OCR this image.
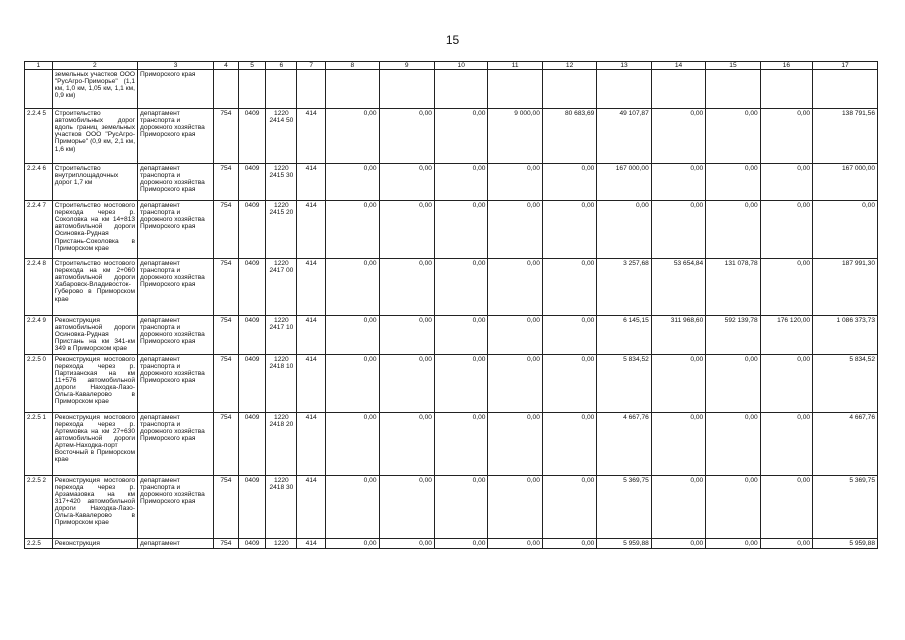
15
1	2	3	4	5	6	7	8	9	10	11	12	13	14	15	16	17
	земельных участков ООО "РусАгро-Приморье" (1,1 км, 1,0 км, 1,05 км, 1,1 км, 0,9 км)	Приморского края														
2.2.4 5	Строительство автомобильных дорог вдоль границ земельных участков ООО "РусАгро-Приморье" (0,9 км, 2,1 км, 1,6 км)	департамент транспорта и дорожного хозяйства Приморского края	754	0409	1220 2414 50	414	0,00	0,00	0,00	9 000,00	80 683,69	49 107,87	0,00	0,00	0,00	138 791,56
2.2.4 6	Строительство внутриплощадочных дорог 1,7 км	департамент транспорта и дорожного хозяйства Приморского края	754	0409	1220 2415 30	414	0,00	0,00	0,00	0,00	0,00	167 000,00	0,00	0,00	0,00	167 000,00
2.2.4 7	Строительство мостового перехода через р. Соколовка на км 14+813 автомобильной дороги Осиновка-Рудная Пристань-Соколовка в Приморском крае	департамент транспорта и дорожного хозяйства Приморского края	754	0409	1220 2415 20	414	0,00	0,00	0,00	0,00	0,00	0,00	0,00	0,00	0,00	0,00
2.2.4 8	Строительство мостового перехода на км 2+060 автомобильной дороги Хабаровск-Владивосток-Губерово в Приморском крае	департамент транспорта и дорожного хозяйства Приморского края	754	0409	1220 2417 00	414	0,00	0,00	0,00	0,00	0,00	3 257,68	53 654,84	131 078,78	0,00	187 991,30
2.2.4 9	Реконструкция автомобильной дороги Осиновка-Рудная Пристань на км 341-км 349 в Приморском крае	департамент транспорта и дорожного хозяйства Приморского края	754	0409	1220 2417 10	414	0,00	0,00	0,00	0,00	0,00	6 145,15	311 968,60	592 139,78	176 120,00	1 086 373,73
2.2.5 0	Реконструкция мостового перехода через р. Партизанская на км 11+576 автомобильной дороги Находка-Лазо-Ольга-Кавалерово в Приморском крае	департамент транспорта и дорожного хозяйства Приморского края	754	0409	1220 2418 10	414	0,00	0,00	0,00	0,00	0,00	5 834,52	0,00	0,00	0,00	5 834,52
2.2.5 1	Реконструкция мостового перехода через р. Артемовка на км 27+630 автомобильной дороги Артем-Находка-порт Восточный в Приморском крае	департамент транспорта и дорожного хозяйства Приморского края	754	0409	1220 2418 20	414	0,00	0,00	0,00	0,00	0,00	4 667,76	0,00	0,00	0,00	4 667,76
2.2.5 2	Реконструкция мостового перехода через р. Арзамазовка на км 317+420 автомобильной дороги Находка-Лазо-Ольга-Кавалерово в Приморском крае	департамент транспорта и дорожного хозяйства Приморского края	754	0409	1220 2418 30	414	0,00	0,00	0,00	0,00	0,00	5 369,75	0,00	0,00	0,00	5 369,75
2.2.5	Реконструкция	департамент	754	0409	1220	414	0,00	0,00	0,00	0,00	0,00	5 959,88	0,00	0,00	0,00	5 959,88
